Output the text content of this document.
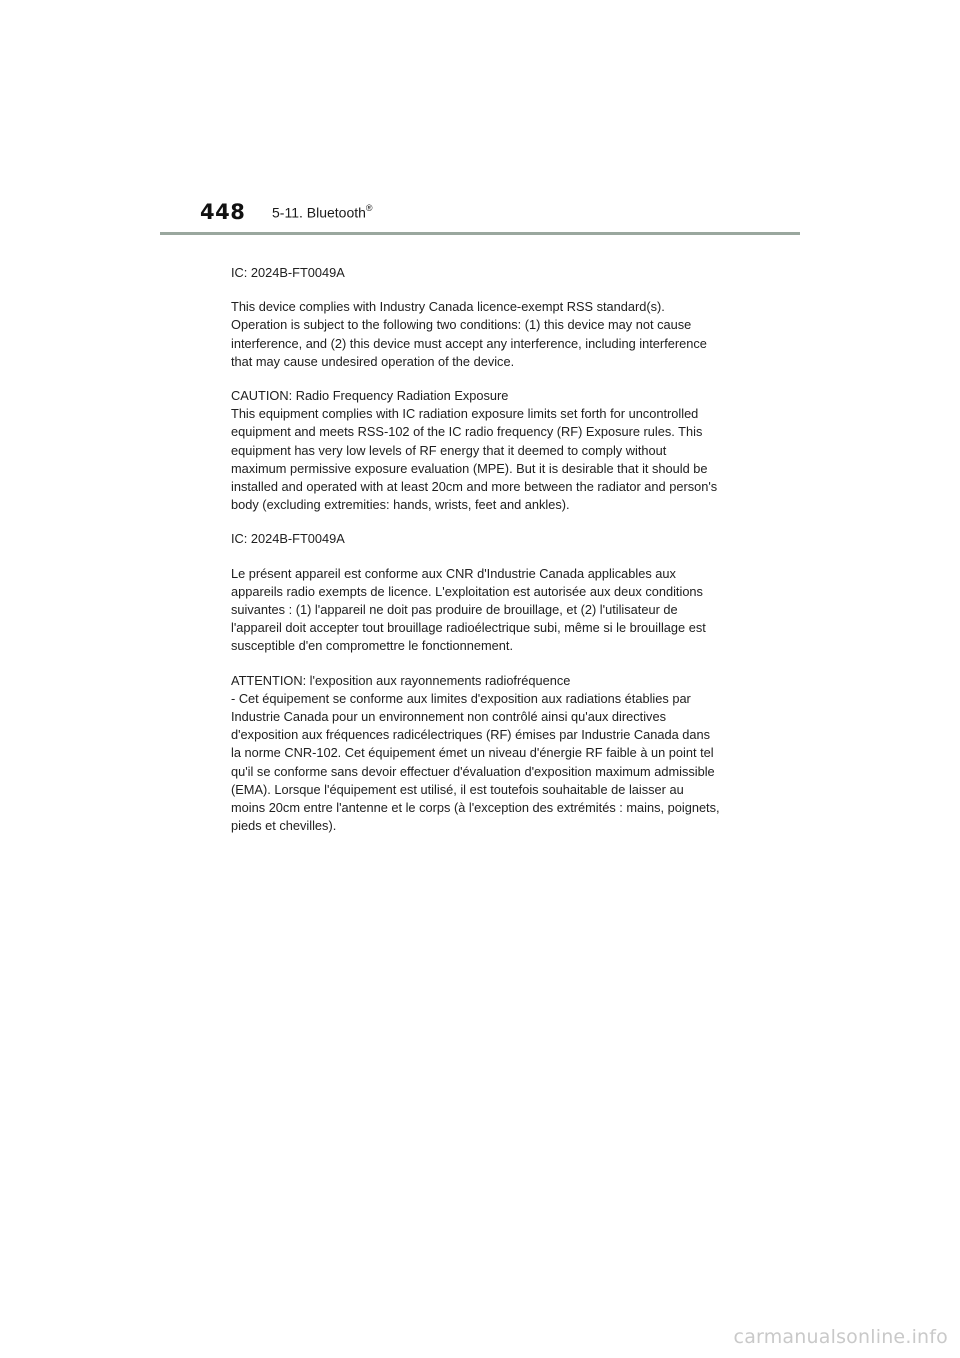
448 5-11. Bluetooth®

IC: 2024B-FT0049A

This device complies with Industry Canada licence-exempt RSS standard(s).
Operation is subject to the following two conditions: (1) this device may not cause
interference, and (2) this device must accept any interference, including interference
that may cause undesired operation of the device.
CAUTION: Radio Frequency Radiation Exposure
This equipment complies with IC radiation exposure limits set forth for uncontrolled
equipment and meets RSS-102 of the IC radio frequency (RF) Exposure rules. This
equipment has very low levels of RF energy that it deemed to comply without
maximum permissive exposure evaluation (MPE). But it is desirable that it should be
installed and operated with at least 20cm and more between the radiator and person's
body (excluding extremities: hands, wrists, feet and ankles).

IC: 2024B-FT0049A

Le présent appareil est conforme aux CNR d'Industrie Canada applicables aux
appareils radio exempts de licence. L'exploitation est autorisée aux deux conditions
suivantes : (1) l'appareil ne doit pas produire de brouillage, et (2) l'utilisateur de
l'appareil doit accepter tout brouillage radioélectrique subi, même si le brouillage est
susceptible d'en compromettre le fonctionnement.
ATTENTION: l'exposition aux rayonnements radiofréquence
- Cet équipement se conforme aux limites d'exposition aux radiations établies par
Industrie Canada pour un environnement non contrôlé ainsi qu'aux directives
d'exposition aux fréquences radicélectriques (RF) émises par Industrie Canada dans
la norme CNR-102. Cet équipement émet un niveau d'énergie RF faible à un point tel
qu'il se conforme sans devoir effectuer d'évaluation d'exposition maximum admissible
(EMA). Lorsque l'équipement est utilisé, il est toutefois souhaitable de laisser au
moins 20cm entre l'antenne et le corps (à l'exception des extrémités : mains, poignets,
pieds et chevilles).
carmanualsonline.info
